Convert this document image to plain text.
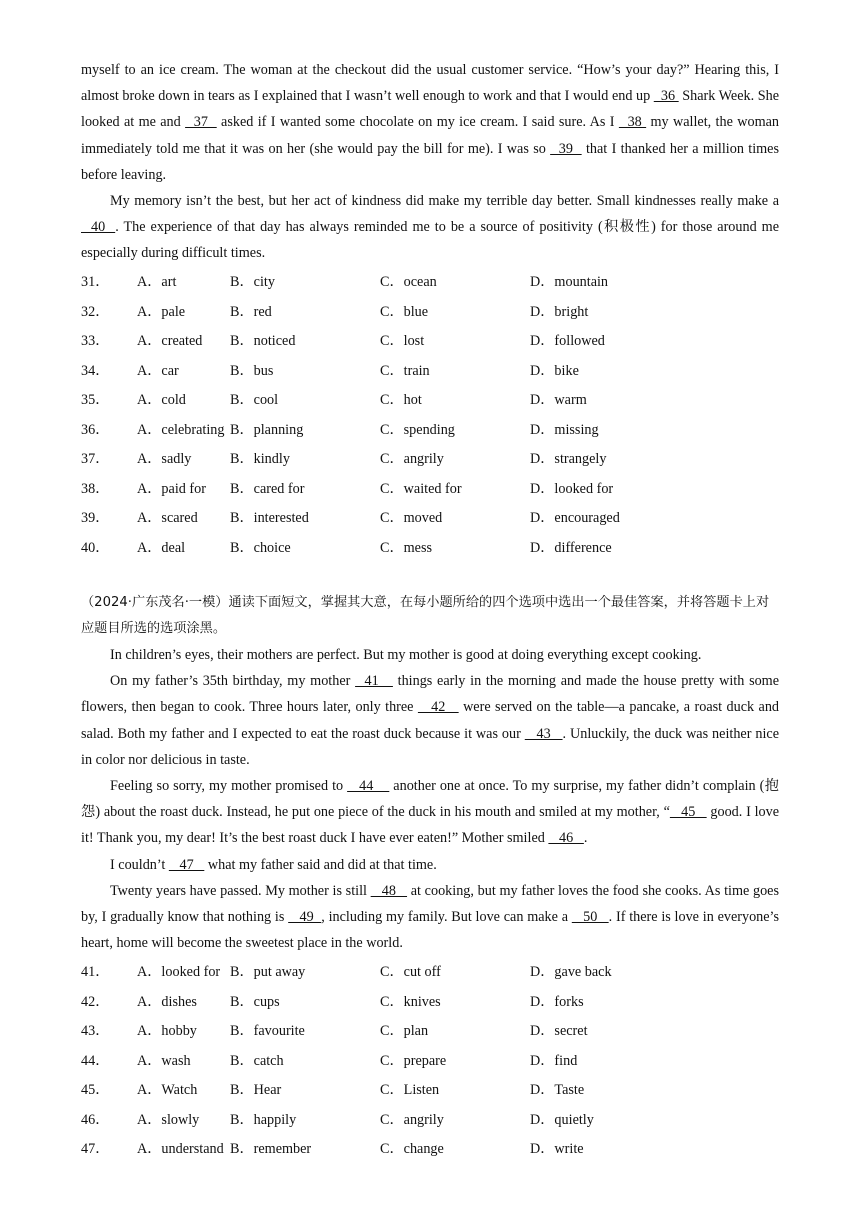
myself to an ice cream. The woman at the checkout did the usual customer service. “How’s your day?” Hearing this, I almost broke down in tears as I explained that I wasn’t well enough to work and that I would end up   36  Shark Week. She looked at me and   37   asked if I wanted some chocolate on my ice cream. I said sure. As I   38  my wallet, the woman immediately told me that it was on her (she would pay the bill for me). I was so   39   that I thanked her a million times before leaving.

My memory isn’t the best, but her act of kindness did make my terrible day better. Small kindnesses really make a   40  . The experience of that day has always reminded me to be a source of positivity (积极性) for those around me especially during difficult times.

31．	A．art	B．city	C．ocean	D．mountain
32．	A．pale	B．red	C．blue	D．bright
33．	A．created	B．noticed	C．lost	D．followed
34．	A．car	B．bus	C．train	D．bike
35．	A．cold	B．cool	C．hot	D．warm
36．	A．celebrating B．planning	C．spending	D．missing
37．	A．sadly	B．kindly	C．angrily	D．strangely
38．	A．paid for	B．cared for	C．waited for	D．looked for
39．	A．scared	B．interested	C．moved	D．encouraged
40．	A．deal	B．choice	C．mess	D．difference

（2024·广东茂名·一模）通读下面短文，掌握其大意，在每小题所给的四个选项中选出一个最佳答案，并将答题卡上对应题目所选的选项涂黑。

In children’s eyes, their mothers are perfect. But my mother is good at doing everything except cooking.

On my father’s 35th birthday, my mother   41    things early in the morning and made the house pretty with some flowers, then began to cook. Three hours later, only three    42    were served on the table—a pancake, a roast duck and salad. Both my father and I expected to eat the roast duck because it was our    43   . Unluckily, the duck was neither nice in color nor delicious in taste.

Feeling so sorry, my mother promised to    44     another one at once. To my surprise, my father didn’t complain (抱怨) about the roast duck. Instead, he put one piece of the duck in his mouth and smiled at my mother, “   45    good. I love it! Thank you, my dear! It’s the best roast duck I have ever eaten!” Mother smiled    46   .

I couldn’t    47    what my father said and did at that time.

Twenty years have passed. My mother is still    48    at cooking, but my father loves the food she cooks. As time goes by, I gradually know that nothing is    49  , including my family. But love can make a    50   . If there is love in everyone’s heart, home will become the sweetest place in the world.

41．	A．looked for B．put away	C．cut off	D．gave back
42．	A．dishes	B．cups	C．knives	D．forks
43．	A．hobby	B．favourite	C．plan	D．secret
44．	A．wash	B．catch	C．prepare	D．find
45．	A．Watch	B．Hear	C．Listen	D．Taste
46．	A．slowly	B．happily	C．angrily	D．quietly
47．	A．understand B．remember	C．change	D．write
